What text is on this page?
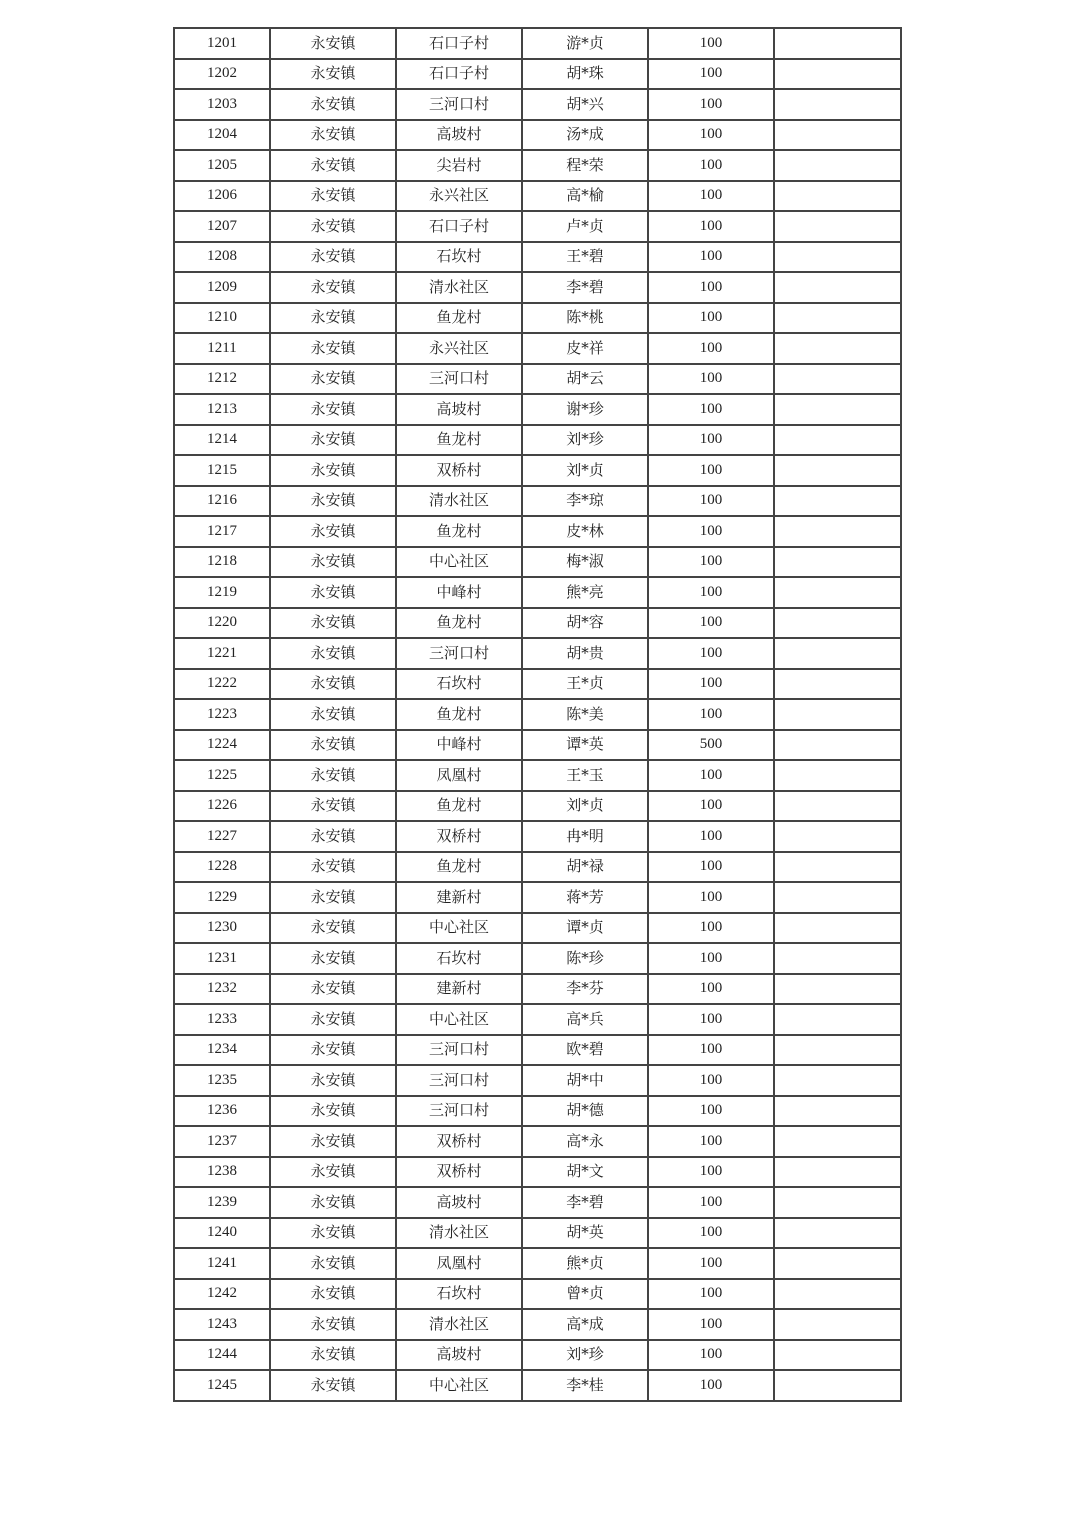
1201	永安镇	石口子村	游*贞	100	
1202	永安镇	石口子村	胡*珠	100	
1203	永安镇	三河口村	胡*兴	100	
1204	永安镇	高坡村	汤*成	100	
1205	永安镇	尖岩村	程*荣	100	
1206	永安镇	永兴社区	高*榆	100	
1207	永安镇	石口子村	卢*贞	100	
1208	永安镇	石坎村	王*碧	100	
1209	永安镇	清水社区	李*碧	100	
1210	永安镇	鱼龙村	陈*桃	100	
1211	永安镇	永兴社区	皮*祥	100	
1212	永安镇	三河口村	胡*云	100	
1213	永安镇	高坡村	谢*珍	100	
1214	永安镇	鱼龙村	刘*珍	100	
1215	永安镇	双桥村	刘*贞	100	
1216	永安镇	清水社区	李*琼	100	
1217	永安镇	鱼龙村	皮*林	100	
1218	永安镇	中心社区	梅*淑	100	
1219	永安镇	中峰村	熊*亮	100	
1220	永安镇	鱼龙村	胡*容	100	
1221	永安镇	三河口村	胡*贵	100	
1222	永安镇	石坎村	王*贞	100	
1223	永安镇	鱼龙村	陈*美	100	
1224	永安镇	中峰村	谭*英	500	
1225	永安镇	凤凰村	王*玉	100	
1226	永安镇	鱼龙村	刘*贞	100	
1227	永安镇	双桥村	冉*明	100	
1228	永安镇	鱼龙村	胡*禄	100	
1229	永安镇	建新村	蒋*芳	100	
1230	永安镇	中心社区	谭*贞	100	
1231	永安镇	石坎村	陈*珍	100	
1232	永安镇	建新村	李*芬	100	
1233	永安镇	中心社区	高*兵	100	
1234	永安镇	三河口村	欧*碧	100	
1235	永安镇	三河口村	胡*中	100	
1236	永安镇	三河口村	胡*德	100	
1237	永安镇	双桥村	高*永	100	
1238	永安镇	双桥村	胡*文	100	
1239	永安镇	高坡村	李*碧	100	
1240	永安镇	清水社区	胡*英	100	
1241	永安镇	凤凰村	熊*贞	100	
1242	永安镇	石坎村	曾*贞	100	
1243	永安镇	清水社区	高*成	100	
1244	永安镇	高坡村	刘*珍	100	
1245	永安镇	中心社区	李*桂	100	
